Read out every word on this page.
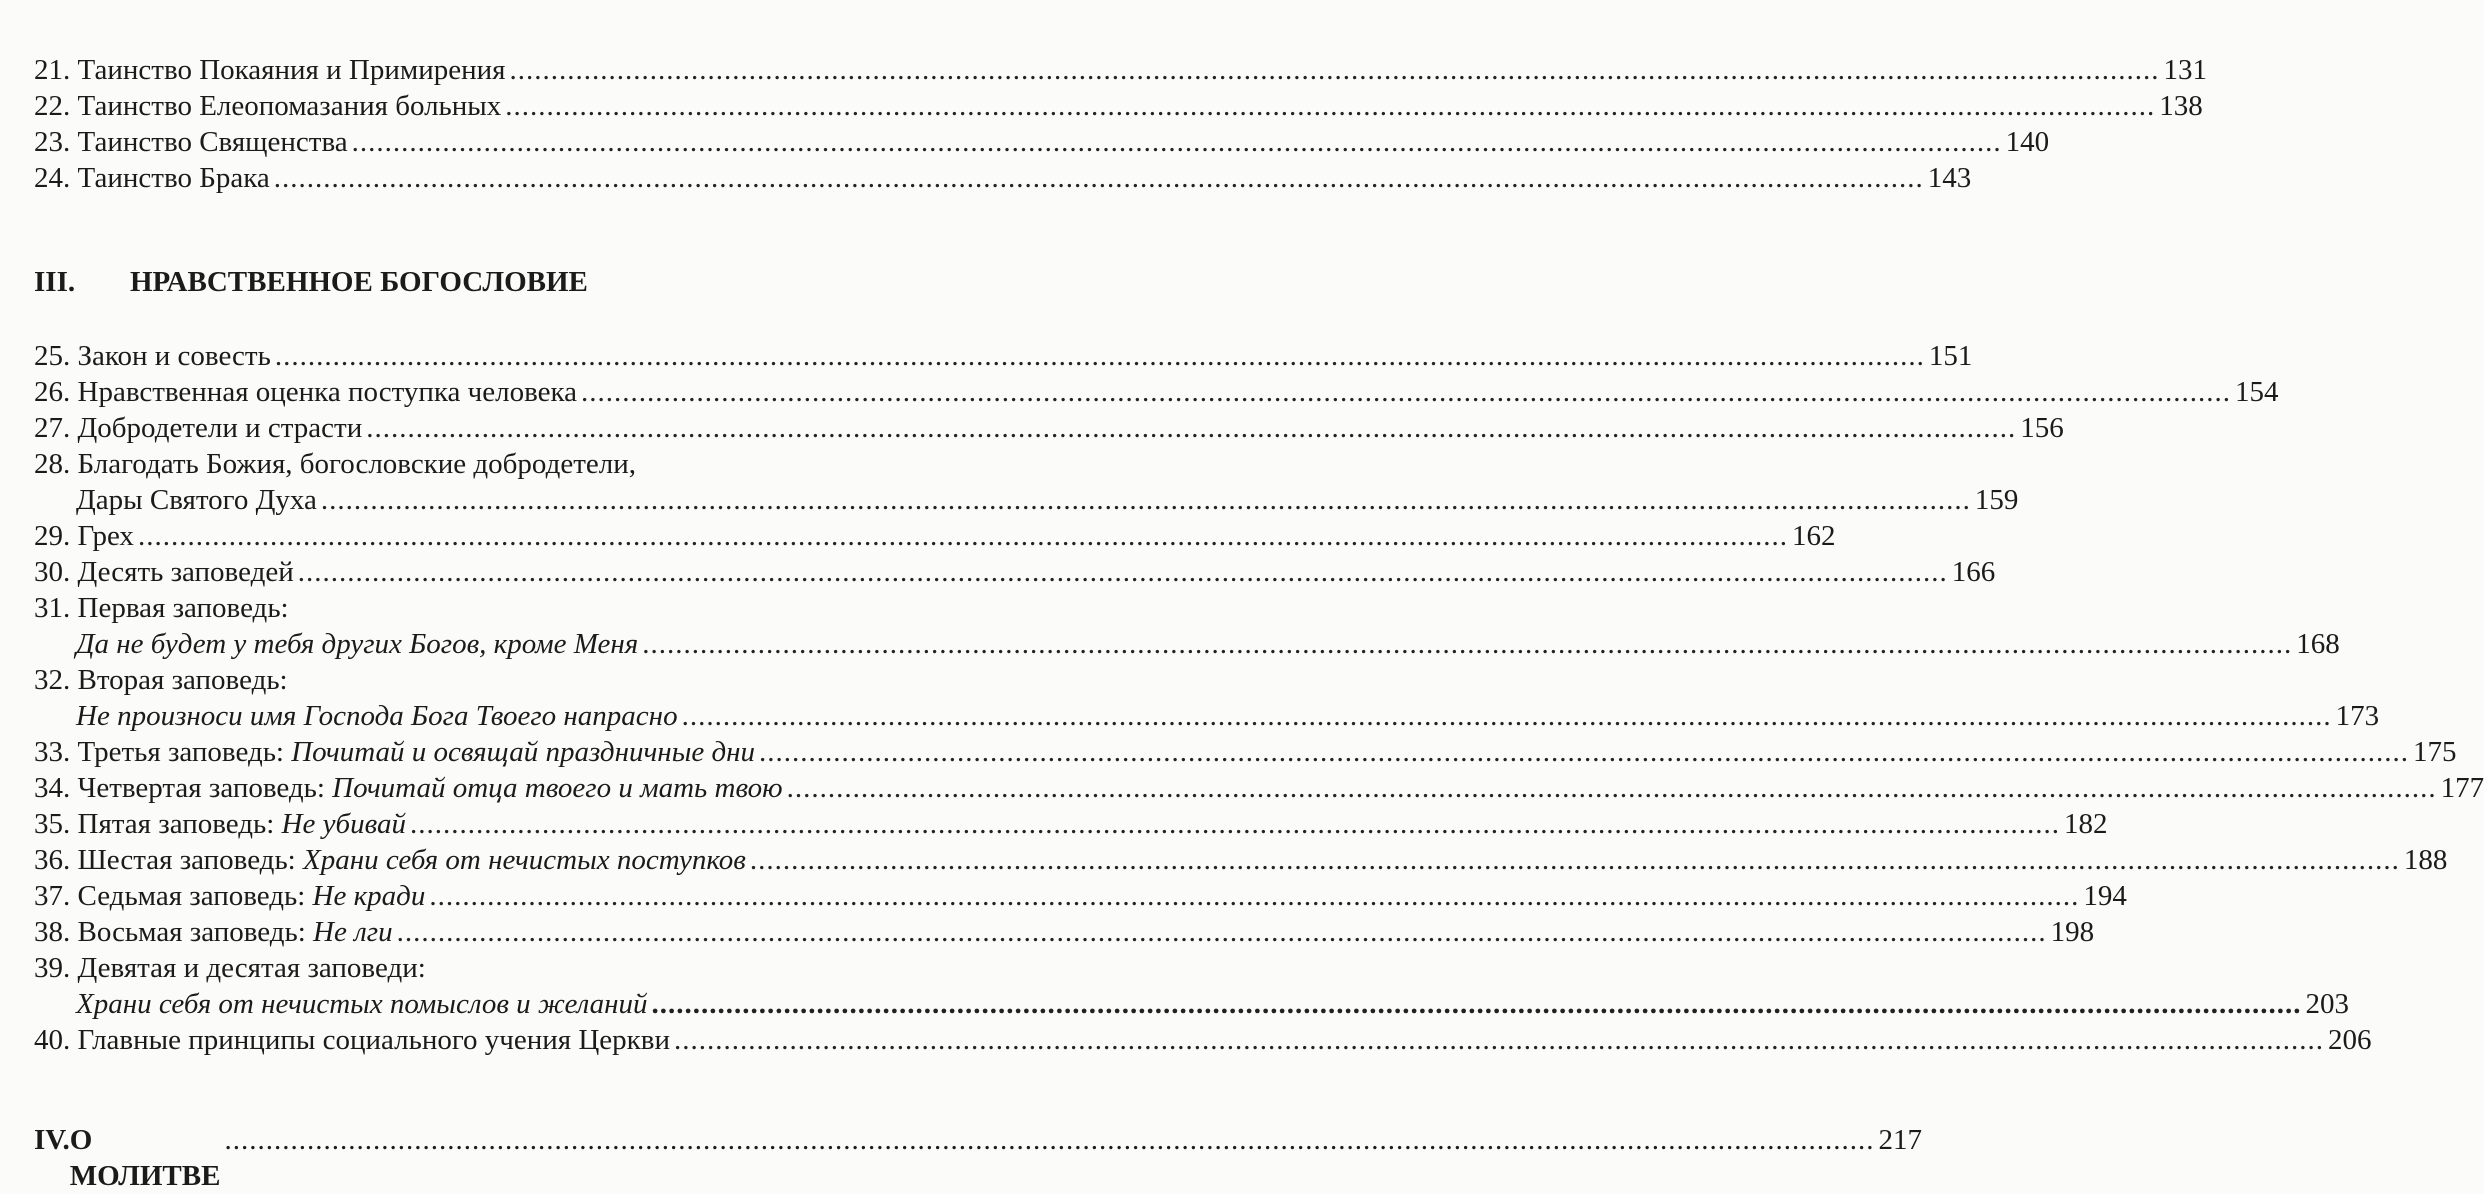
21. Таинство Покаяния и Примирения ........................................................................................................................................................................................................ 131
22. Таинство Елеопомазания больных ........................................................................................................................................................................................................ 138
23. Таинство Священства ........................................................................................................................................................................................................ 140
24. Таинство Брака ........................................................................................................................................................................................................ 143
III.	НРАВСТВЕННОЕ БОГОСЛОВИЕ
25. Закон и совесть ........................................................................................................................................................................................................ 151
26. Нравственная оценка поступка человека ........................................................................................................................................................................................................ 154
27. Добродетели и страсти ........................................................................................................................................................................................................ 156
28. Благодать Божия, богословские добродетели,
Дары Святого Духа ........................................................................................................................................................................................................ 159
29. Грех ........................................................................................................................................................................................................ 162
30. Десять заповедей ........................................................................................................................................................................................................ 166
31. Первая заповедь:
Да не будет у тебя других Богов, кроме Меня ........................................................................................................................................................................................................ 168
32. Вторая заповедь:
Не произноси имя Господа Бога Твоего напрасно ........................................................................................................................................................................................................ 173
33. Третья заповедь: Почитай и освящай праздничные дни ........................................................................................................................................................................................................ 175
34. Четвертая заповедь: Почитай отца твоего и мать твою ........................................................................................................................................................................................................ 177
35. Пятая заповедь: Не убивай ........................................................................................................................................................................................................ 182
36. Шестая заповедь: Храни себя от нечистых поступков ........................................................................................................................................................................................................ 188
37. Седьмая заповедь: Не кради ........................................................................................................................................................................................................ 194
38. Восьмая заповедь: Не лги ........................................................................................................................................................................................................ 198
39. Девятая и десятая заповеди:
Храни себя от нечистых помыслов и желаний ........................................................................................................................................................................................................ 203
40. Главные принципы социального учения Церкви ........................................................................................................................................................................................................ 206
IV. О МОЛИТВЕ
........................................................................................................................................................................................................ 217
